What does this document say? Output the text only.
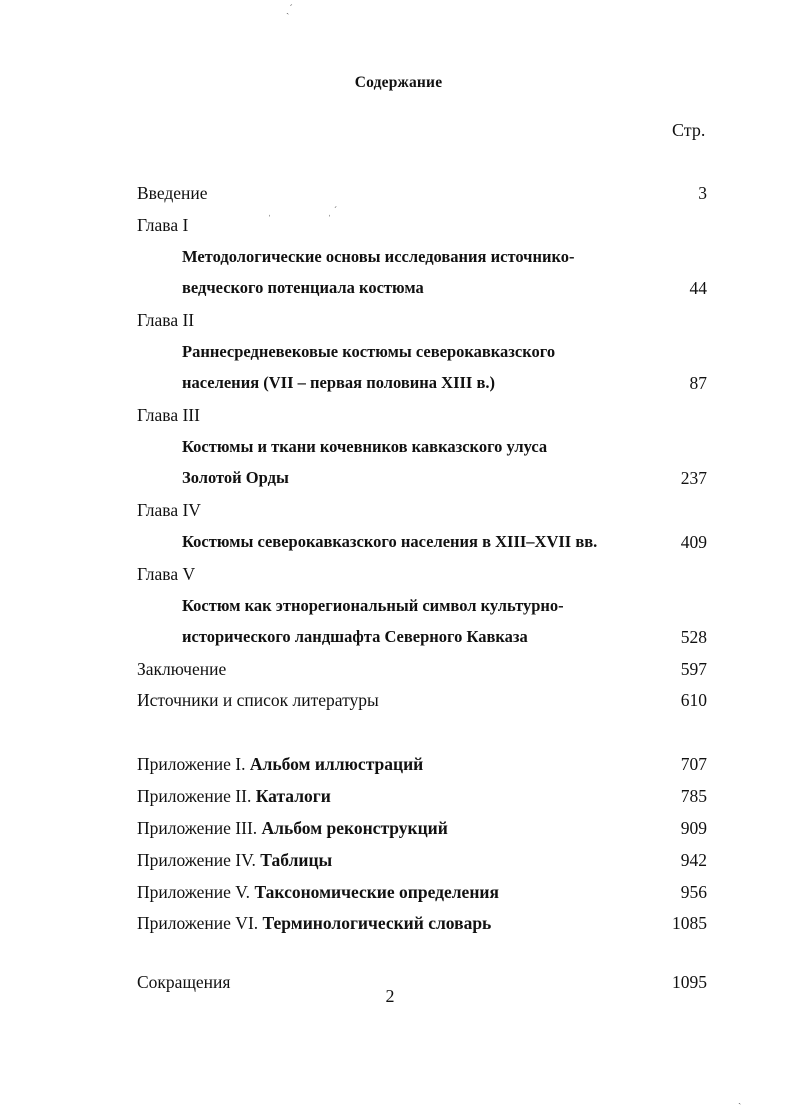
Содержание
Стр.
Введение	3
Глава I
Методологические основы исследования источнико-
ведческого потенциала костюма	44
Глава II
Раннесредневековые костюмы северокавказского
населения (VII – первая половина XIII в.)	87
Глава III
Костюмы и ткани кочевников кавказского улуса
Золотой Орды	237
Глава IV
Костюмы северокавказского населения в XIII–XVII вв.	409
Глава V
Костюм как этнорегиональный символ культурно-
исторического ландшафта Северного Кавказа	528
Заключение	597
Источники и список литературы	610
Приложение I. Альбом иллюстраций	707
Приложение II. Каталоги	785
Приложение III. Альбом реконструкций	909
Приложение IV. Таблицы	942
Приложение V. Таксономические определения	956
Приложение VI. Терминологический словарь	1085
Сокращения	1095
2
ˎˊ
ˌ	ˌ ˊ
ˏ
